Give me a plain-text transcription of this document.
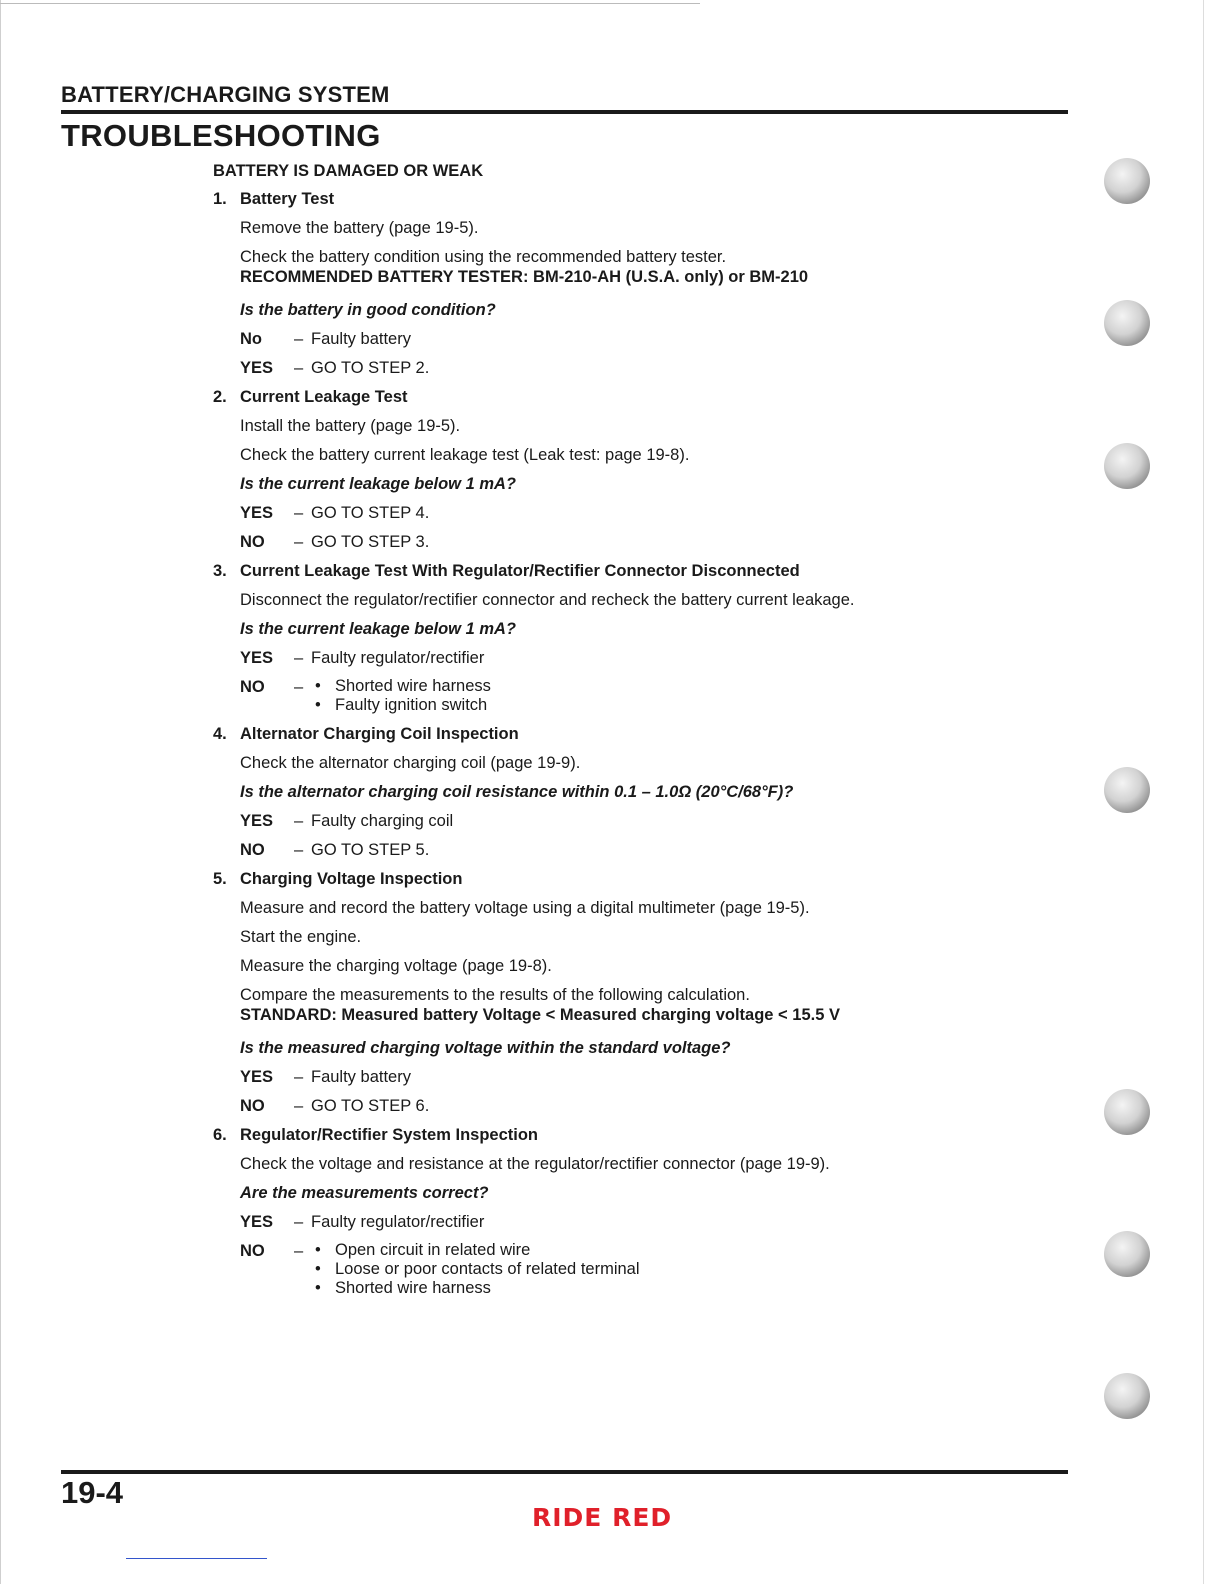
BATTERY/CHARGING SYSTEM
TROUBLESHOOTING
BATTERY IS DAMAGED OR WEAK
1. Battery Test
Remove the battery (page 19-5).
Check the battery condition using the recommended battery tester.
RECOMMENDED BATTERY TESTER: BM-210-AH (U.S.A. only) or BM-210
Is the battery in good condition?
No – Faulty battery
YES – GO TO STEP 2.
2. Current Leakage Test
Install the battery (page 19-5).
Check the battery current leakage test (Leak test: page 19-8).
Is the current leakage below 1 mA?
YES – GO TO STEP 4.
NO – GO TO STEP 3.
3. Current Leakage Test With Regulator/Rectifier Connector Disconnected
Disconnect the regulator/rectifier connector and recheck the battery current leakage.
Is the current leakage below 1 mA?
YES – Faulty regulator/rectifier
NO – • Shorted wire harness
• Faulty ignition switch
4. Alternator Charging Coil Inspection
Check the alternator charging coil (page 19-9).
Is the alternator charging coil resistance within 0.1 – 1.0Ω (20°C/68°F)?
YES – Faulty charging coil
NO – GO TO STEP 5.
5. Charging Voltage Inspection
Measure and record the battery voltage using a digital multimeter (page 19-5).
Start the engine.
Measure the charging voltage (page 19-8).
Compare the measurements to the results of the following calculation.
STANDARD: Measured battery Voltage < Measured charging voltage < 15.5 V
Is the measured charging voltage within the standard voltage?
YES – Faulty battery
NO – GO TO STEP 6.
6. Regulator/Rectifier System Inspection
Check the voltage and resistance at the regulator/rectifier connector (page 19-9).
Are the measurements correct?
YES – Faulty regulator/rectifier
NO – • Open circuit in related wire
• Loose or poor contacts of related terminal
• Shorted wire harness
19-4
RIDE RED
